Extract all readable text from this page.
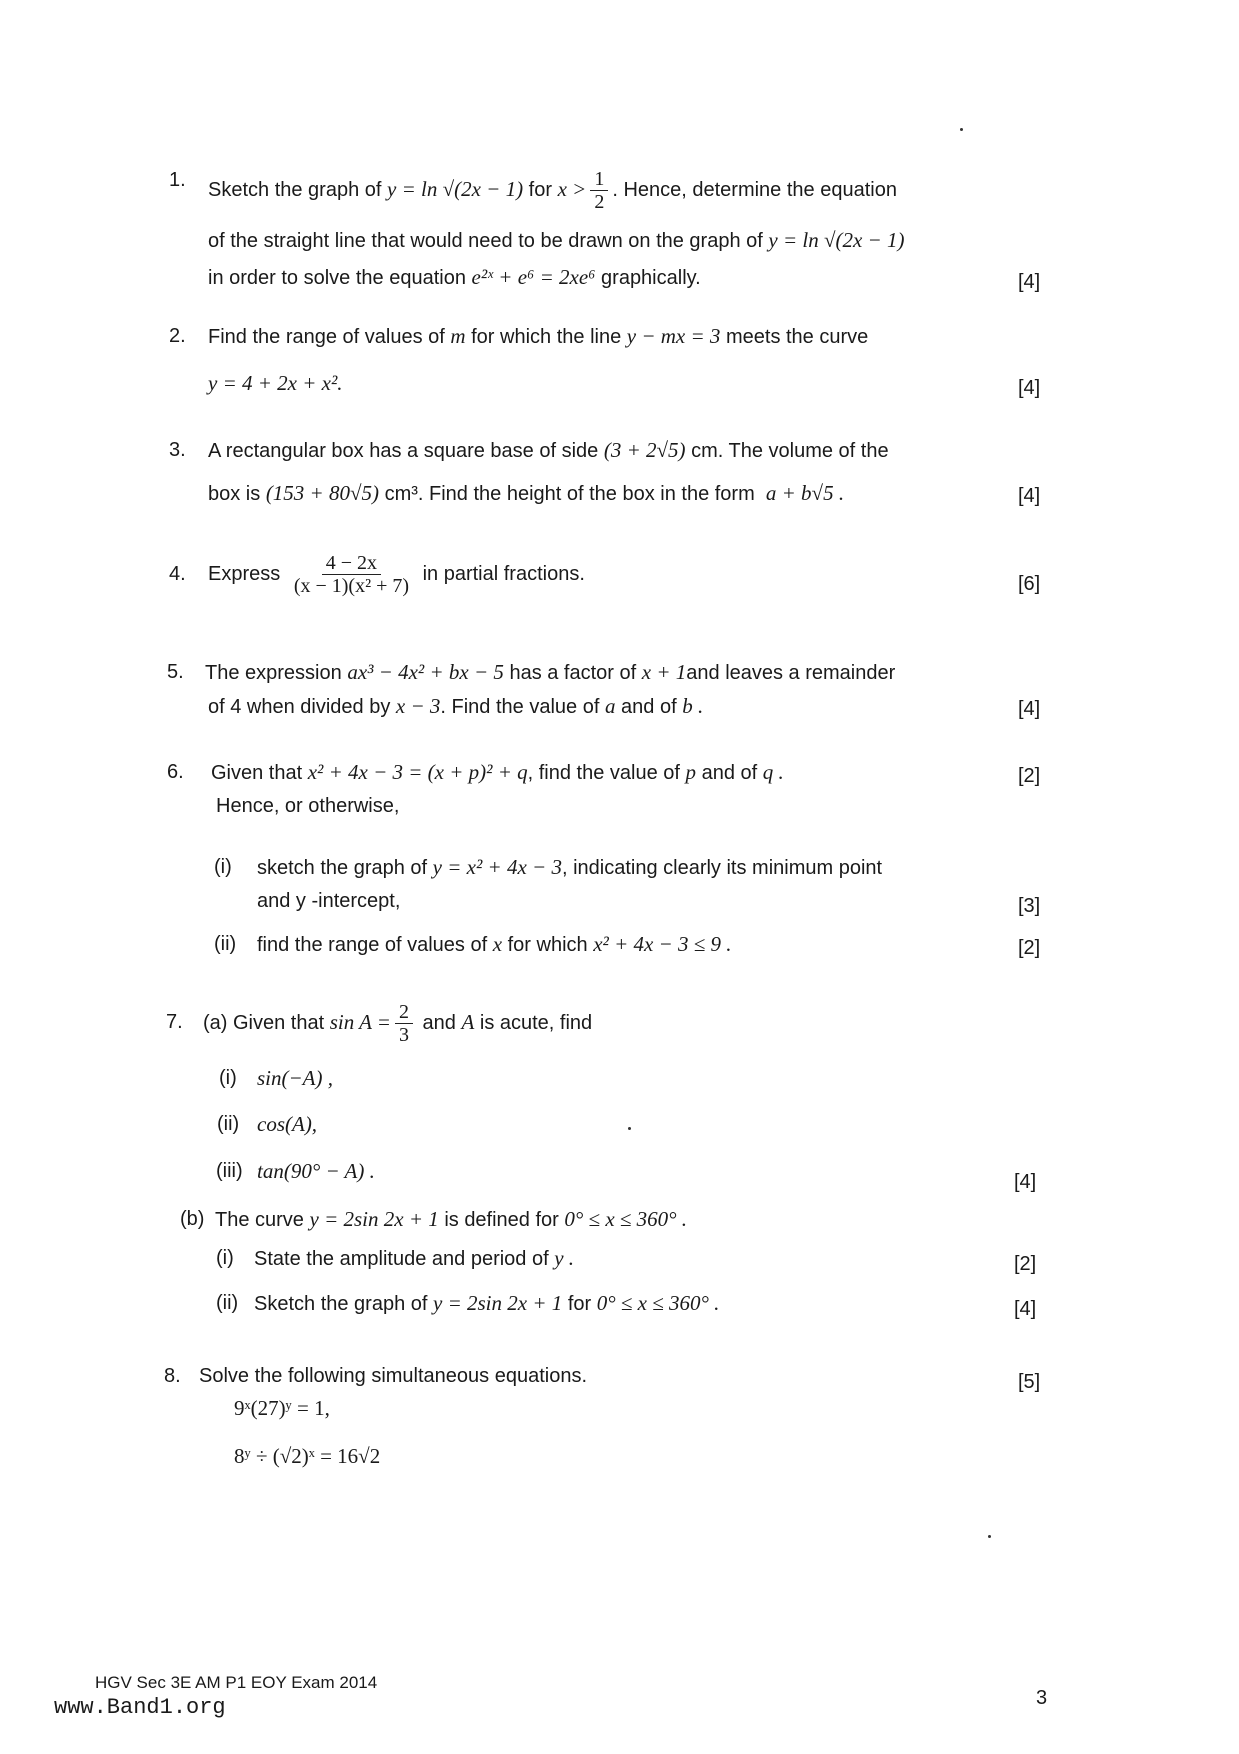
1. Sketch the graph of y = ln √(2x − 1) for $x > \frac{1}{2}$ . Hence, determine the equation
of the straight line that would need to be drawn on the graph of y = ln √(2x − 1)
in order to solve the equation e²ˣ + e⁶ = 2xe⁶ graphically.	[4]
2. Find the range of values of m for which the line y − mx = 3 meets the curve
y = 4 + 2x + x².	[4]
3. A rectangular box has a square base of side (3 + 2√5) cm. The volume of the
box is (153 + 80√5) cm³. Find the height of the box in the form a + b√5 .	[4]
4. Express $\frac{4 - 2x}{\text{(x − 1)(x² + 7)}}$ in partial fractions.	[6]
5. The expression ax³ − 4x² + bx − 5 has a factor of x + 1and leaves a remainder
of 4 when divided by x − 3. Find the value of a and of b .	[4]
6. Given that x² + 4x − 3 = (x + p)² + q, find the value of p and of q .	[2]
Hence, or otherwise,
(i) sketch the graph of y = x² + 4x − 3, indicating clearly its minimum point
and y -intercept,	[3]
(ii) find the range of values of x for which x² + 4x − 3 ≤ 9 .	[2]
7. (a) Given that $\sin A = \frac{2}{3}$ and A is acute, find
(i) sin(−A) ,
(ii) cos(A),
(iii) tan(90° − A) .	[4]
(b) The curve y = 2sin 2x + 1 is defined for 0° ≤ x ≤ 360° .
(i) State the amplitude and period of y .	[2]
(ii) Sketch the graph of y = 2sin 2x + 1 for 0° ≤ x ≤ 360° .	[4]
8. Solve the following simultaneous equations.	[5]
9ˣ(27)ʸ = 1,
8ʸ ÷ (√2)ˣ = 16√2
HGV Sec 3E AM P1 EOY Exam 2014
3
www.Band1.org
